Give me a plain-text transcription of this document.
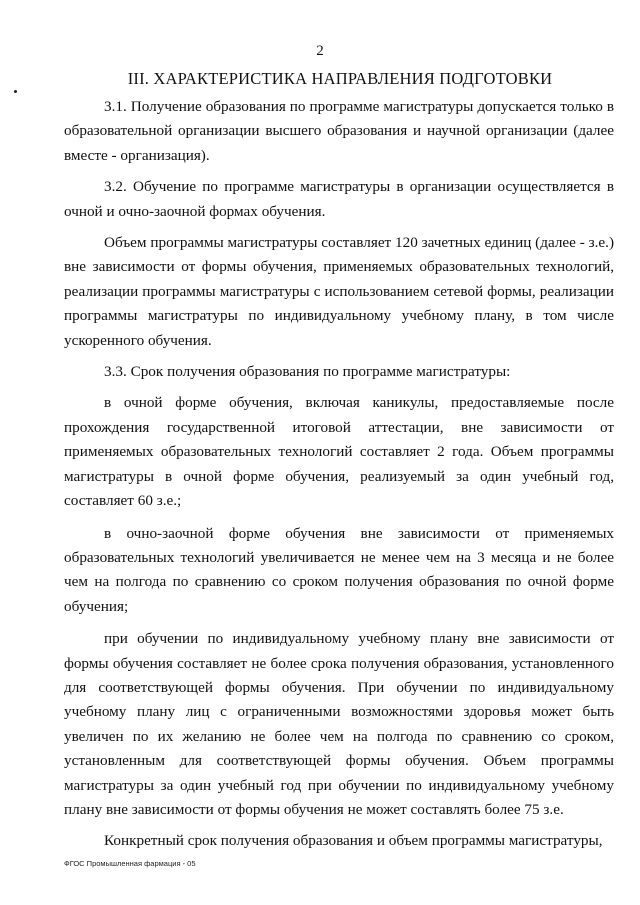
2
III. ХАРАКТЕРИСТИКА НАПРАВЛЕНИЯ ПОДГОТОВКИ

3.1. Получение образования по программе магистратуры допускается только в образовательной организации высшего образования и научной организации (далее вместе - организация).

3.2. Обучение по программе магистратуры в организации осуществляется в очной и очно-заочной формах обучения.

Объем программы магистратуры составляет 120 зачетных единиц (далее - з.е.) вне зависимости от формы обучения, применяемых образовательных технологий, реализации программы магистратуры с использованием сетевой формы, реализации программы магистратуры по индивидуальному учебному плану, в том числе ускоренного обучения.

3.3. Срок получения образования по программе магистратуры:

в очной форме обучения, включая каникулы, предоставляемые после прохождения государственной итоговой аттестации, вне зависимости от применяемых образовательных технологий составляет 2 года. Объем программы магистратуры в очной форме обучения, реализуемый за один учебный год, составляет 60 з.е.;

в очно-заочной форме обучения вне зависимости от применяемых образовательных технологий увеличивается не менее чем на 3 месяца и не более чем на полгода по сравнению со сроком получения образования по очной форме обучения;

при обучении по индивидуальному учебному плану вне зависимости от формы обучения составляет не более срока получения образования, установленного для соответствующей формы обучения. При обучении по индивидуальному учебному плану лиц с ограниченными возможностями здоровья может быть увеличен по их желанию не более чем на полгода по сравнению со сроком, установленным для соответствующей формы обучения. Объем программы магистратуры за один учебный год при обучении по индивидуальному учебному плану вне зависимости от формы обучения не может составлять более 75 з.е.

Конкретный срок получения образования и объем программы магистратуры,

ФГОС Промышленная фармация - 05
